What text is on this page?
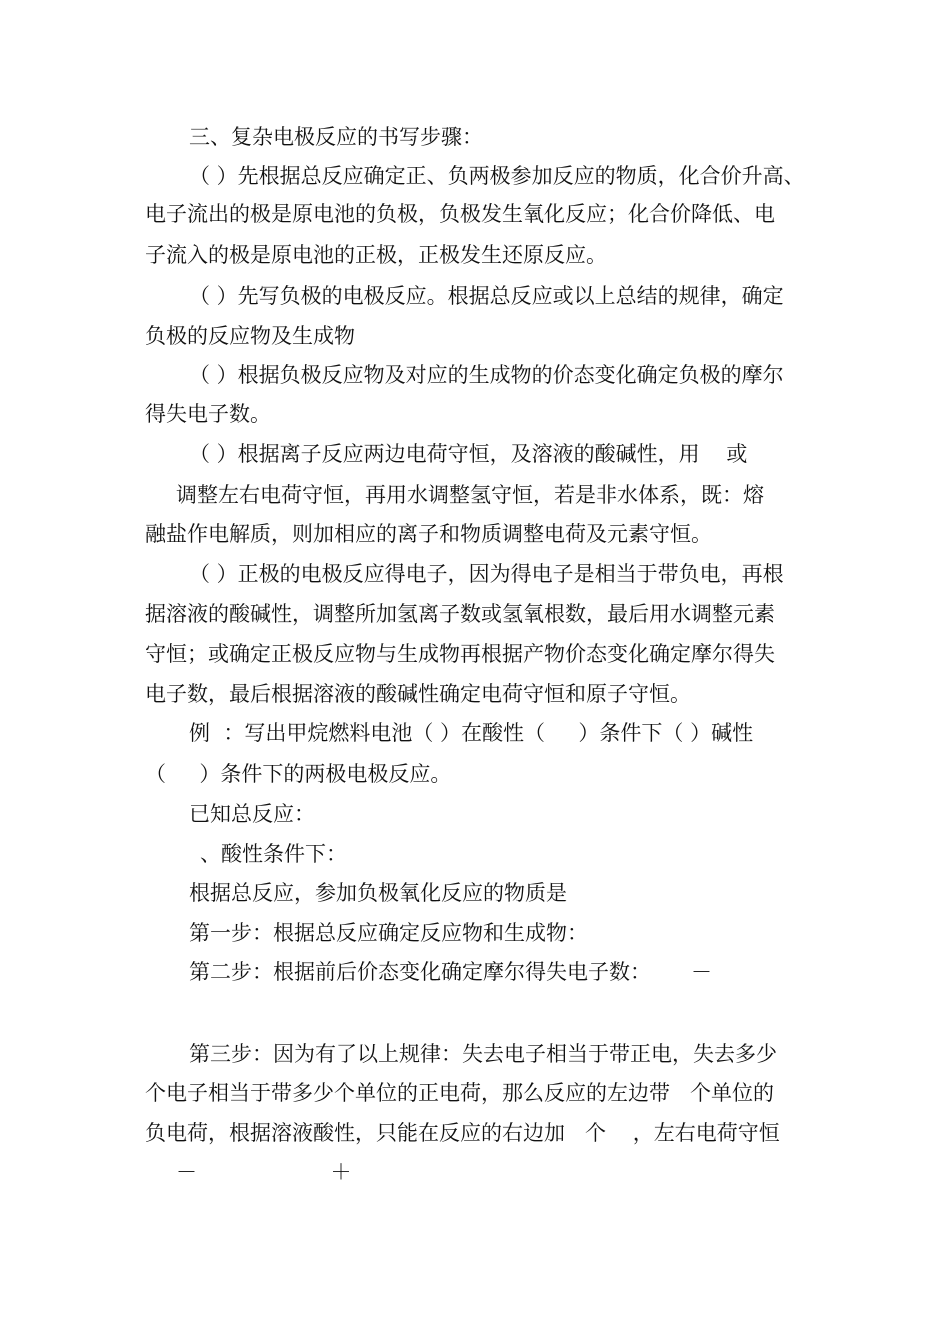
三、复杂电极反应的书写步骤：
（ ）先根据总反应确定正、负两极参加反应的物质，化合价升高、
电子流出的极是原电池的负极，负极发生氧化反应；化合价降低、电
子流入的极是原电池的正极，正极发生还原反应。
（ ）先写负极的电极反应。根据总反应或以上总结的规律，确定
负极的反应物及生成物
（ ）根据负极反应物及对应的生成物的价态变化确定负极的摩尔
得失电子数。
（ ）根据离子反应两边电荷守恒，及溶液的酸碱性，用    或
调整左右电荷守恒，再用水调整氢守恒，若是非水体系，既：熔
融盐作电解质，则加相应的离子和物质调整电荷及元素守恒。
（ ）正极的电极反应得电子，因为得电子是相当于带负电，再根
据溶液的酸碱性，调整所加氢离子数或氢氧根数，最后用水调整元素
守恒；或确定正极反应物与生成物再根据产物价态变化确定摩尔得失
电子数，最后根据溶液的酸碱性确定电荷守恒和原子守恒。
例  ：写出甲烷燃料电池（ ）在酸性（     ）条件下（ ）碱性
（     ）条件下的两极电极反应。
已知总反应：
、酸性条件下：
根据总反应，参加负极氧化反应的物质是
第一步：根据总反应确定反应物和生成物：
第二步：根据前后价态变化确定摩尔得失电子数：      －
第三步：因为有了以上规律：失去电子相当于带正电，失去多少
个电子相当于带多少个单位的正电荷，那么反应的左边带   个单位的
负电荷，根据溶液酸性，只能在反应的右边加   个    ，左右电荷守恒
－                    ＋
